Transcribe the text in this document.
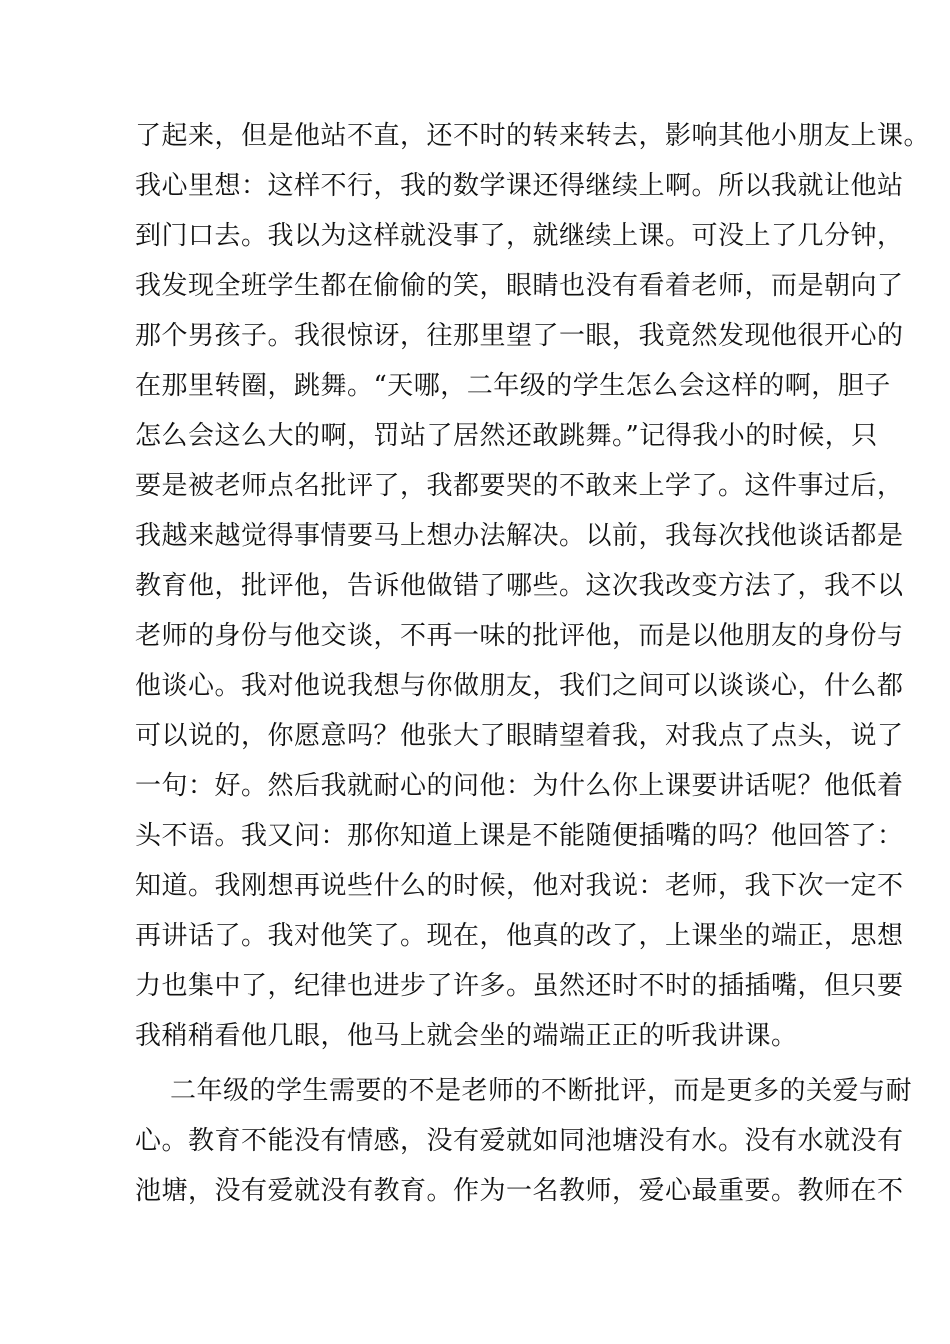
了起来，但是他站不直，还不时的转来转去，影响其他小朋友上课。
我心里想：这样不行，我的数学课还得继续上啊。所以我就让他站
到门口去。我以为这样就没事了，就继续上课。可没上了几分钟，
我发现全班学生都在偷偷的笑，眼睛也没有看着老师，而是朝向了
那个男孩子。我很惊讶，往那里望了一眼，我竟然发现他很开心的
在那里转圈，跳舞。“天哪，二年级的学生怎么会这样的啊，胆子
怎么会这么大的啊，罚站了居然还敢跳舞。”记得我小的时候，只
要是被老师点名批评了，我都要哭的不敢来上学了。这件事过后，
我越来越觉得事情要马上想办法解决。以前，我每次找他谈话都是
教育他，批评他，告诉他做错了哪些。这次我改变方法了，我不以
老师的身份与他交谈，不再一味的批评他，而是以他朋友的身份与
他谈心。我对他说我想与你做朋友，我们之间可以谈谈心，什么都
可以说的，你愿意吗？他张大了眼睛望着我，对我点了点头，说了
一句：好。然后我就耐心的问他：为什么你上课要讲话呢？他低着
头不语。我又问：那你知道上课是不能随便插嘴的吗？他回答了：
知道。我刚想再说些什么的时候，他对我说：老师，我下次一定不
再讲话了。我对他笑了。现在，他真的改了，上课坐的端正，思想
力也集中了，纪律也进步了许多。虽然还时不时的插插嘴，但只要
我稍稍看他几眼，他马上就会坐的端端正正的听我讲课。
二年级的学生需要的不是老师的不断批评，而是更多的关爱与耐
心。教育不能没有情感，没有爱就如同池塘没有水。没有水就没有
池塘，没有爱就没有教育。作为一名教师，爱心最重要。教师在不
